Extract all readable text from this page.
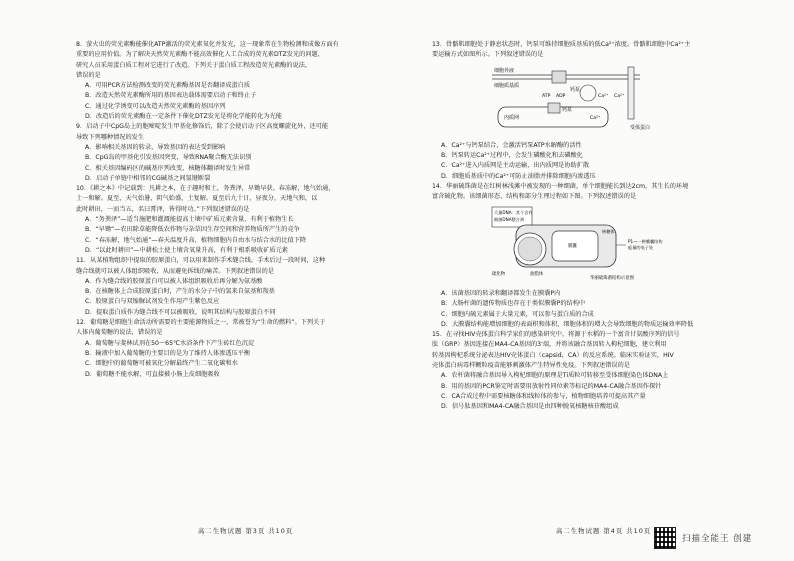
8．萤火虫的荧光素酶能催化ATP激活的荧光素氧化并发光，这一现象常在生物检测和成像方面有

重要的应用价值。为了解决天然荧光素酶不能高效催化人工合成的荧光素DTZ发光的问题，

研究人员采用蛋白质工程对它进行了改造。下列关于蛋白质工程改造荧光素酶的说法，

错误的是

A．可用PCR方法检测改变的荧光素酶基因是否翻译成蛋白质

B．改造天然荧光素酶所用的基因表达载体需要启动子和终止子

C．通过化学诱变可以改造天然荧光素酶的基因序列

D．改造后的荧光素酶在一定条件下催化DTZ发光是将化学能转化为光能

9．启动子中CpG岛上的胞嘧啶发生甲基化修饰后，除了会使启动子区高度螺旋化外，还可能

导致下列哪种情况的发生

A．影响相关基因的转录，导致基因的表达受到影响

B．CpG岛的甲基化引发基因突变，导致RNA聚合酶无法识别

C．相关基因编码区的碱基序列改变，核糖体翻译时发生异常

D．启动子单链中相邻的CG碱基之间氢键断裂

10．《耕之本》中记载到：凡耕之本，在于趣时和土，务粪泽，早锄早获。春冻解，地气始通，

土一和解。夏至，天气始暑，阴气始盛，土复解。夏至后九十日，昼夜分，天地气和，以

此时耕田，一而当五，名曰膏泽，皆得时功。”下列叙述错误的是

A．“务粪泽”—适当施肥和灌溉能提高土壤中矿质元素含量，有利于植物生长

B．“早锄”—农田除草能降低农作物与杂草因生存空间和营养物质所产生的竞争

C．“春冻解，地气始通”—春天温度升高，植物细胞内自由水与结合水的比值下降

D．“以此时耕田”—中耕松土使土壤含氧量升高，有利于根系吸收矿质元素

11．从某植物组织中提取的胶原蛋白，可以用来制作手术缝合线。手术后过一段时间，这种

缝合线就可以被人体组织吸收，从而避免拆线的痛苦。下列叙述错误的是

A．作为缝合线的胶原蛋白可以被人体组织吸收后再分解为氨基酸

B．在核糖体上合成胶原蛋白时，产生的水分子中的氢来自氨基和羧基

C．胶原蛋白与双缩脲试剂发生作用产生紫色反应

D．提取蛋白质作为缝合线不可以被吸收，说明其结构与胶原蛋白不同

12．葡萄糖是细胞生命活动所需要的主要能源物质之一，常被誉为“生命的燃料”。下列关于

人体内葡萄糖的说法，错误的是

A．葡萄糖与斐林试剂在50～65℃水浴条件下产生砖红色沉淀

B．输液中加入葡萄糖的主要目的是为了维持人体渗透压平衡

C．细胞中的葡萄糖可被氧化分解最终产生二氧化碳和水

D．葡萄糖不能水解，可直接被小肠上皮细胞吸收

13．骨骼肌细胞处于静息状态时，钙泵可维持细胞质基质的低Ca²⁺浓度。骨骼肌细胞中Ca²⁺主

要运输方式如图所示。下列叙述错误的是

细胞外液
细胞质基质
内质网
钙泵
ATP ADP	Ca²⁺ Ca²⁺
钙泵
Ca²⁺
受体蛋白

A．Ca²⁺与钙泵结合，会激活钙泵ATP水解酶的活性

B．钙泵转运Ca²⁺过程中，会发生磷酸化和去磷酸化

C．Ca²⁺进入内质网是主动运输，出内质网是协助扩散

D．细胞质基质中的Ca²⁺可防止油脂并排除细胞内渗透压

14．华丽硫珠菌是在红树林浅滩中被发现的一种细菌，单个细胞能长到达2cm，其生长的环境

富含硫化物。该细菌形态、结构和部分生理过程如下图。下列叙述错误的是

大量DNA：其个含有
细菌DNA整合到
膜囊
P1—一种膜囊结构
能量的电子处
核糖体
硫化物	油脂体
华丽硫珠菌结构示意图

A．该菌基因的转录和翻译都发生在膜囊P内

B．大肠杆菌的遗传物质也存在于类似膜囊P的结构中

C．细胞内硫元素属于大量元素，可以参与蛋白质的合成

D．大膜囊结构能增加细胞的表面积和体积，细胞体积的增大会导致细胞的物质运输效率降低

15．在寻找HIV壳体蛋白科学家们的感染研究中，将源于水稻的一个富含甘氨酸序列的信号

肽（GRP）基因连接在MA4-CA基因的3'端，并将该融合基因转入枸杞细胞，建立利用

转基因枸杞系统分泌表达HIV壳体蛋白（capsid，CA）的反应系统。临床实验证实，HIV

壳体蛋白病毒样颗粒疫苗能够刺激体产生特异性免疫。下列叙述错误的是

A．农杆菌将融合基因导入枸杞细胞的原理是Ti质粒可转移至受体细胞染色体DNA上

B．用的基因的PCR鉴定时需要用放射性同位素等标记的MA4-CA融合基因作探针

C．CA合成过程中需要核糖体和线粒体的参与，植物细胞培养可提高其产量

D．信号肽基因和MA4-CA融合基因是由四种脱氧核糖核苷酸组成

高二生物试题 第3页 共10页	高二生物试题 第4页 共10页
扫描全能王 创建
